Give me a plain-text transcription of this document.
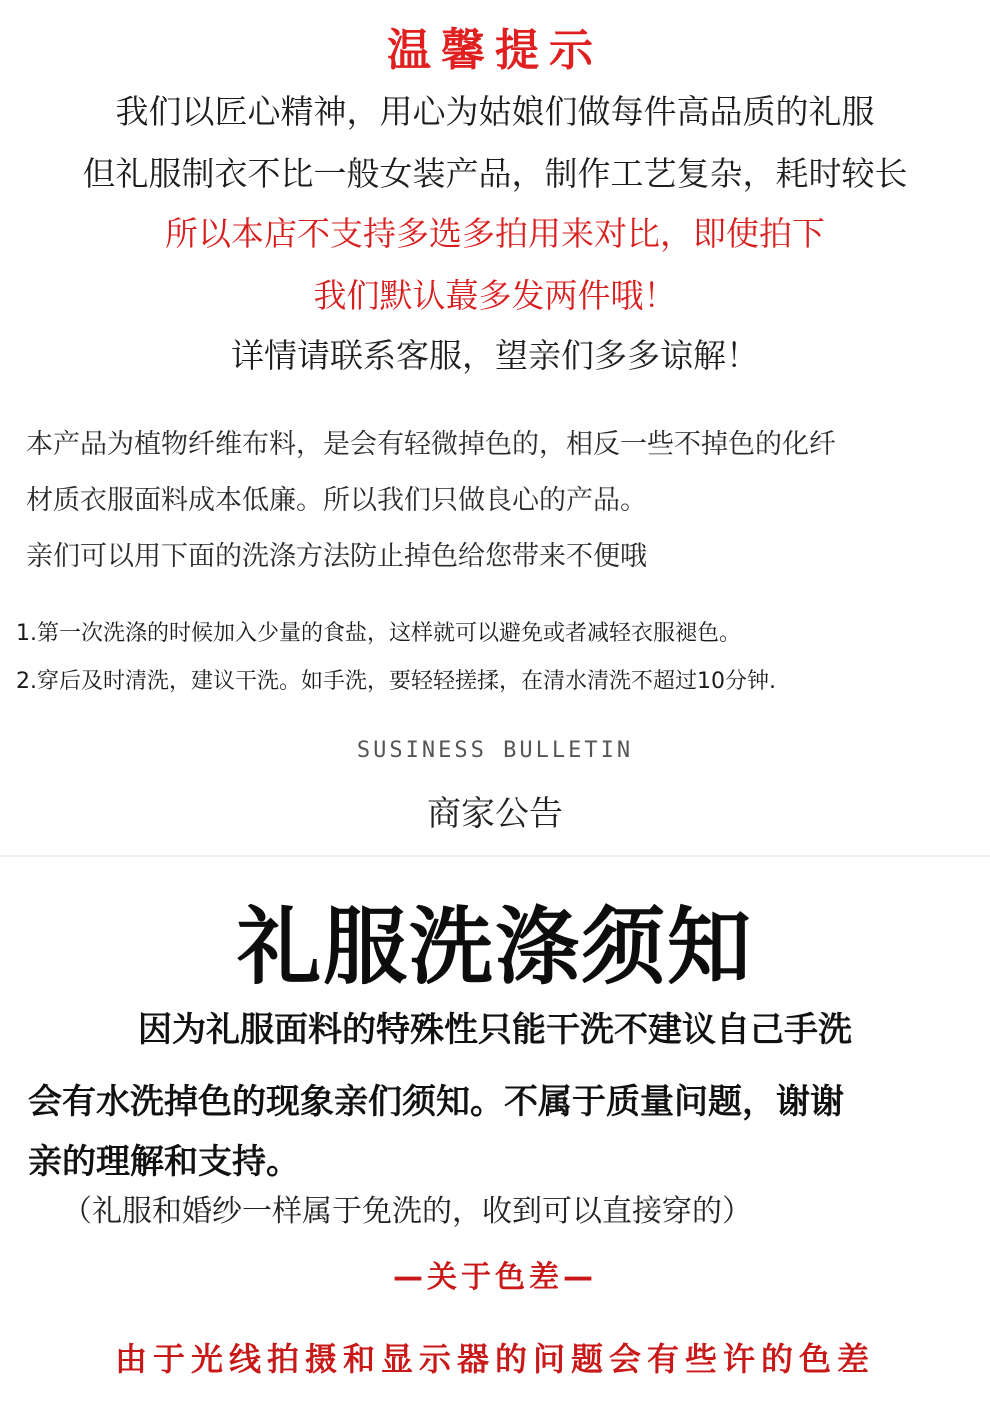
温馨提示

我们以匠心精神，用心为姑娘们做每件高品质的礼服

但礼服制衣不比一般女装产品，制作工艺复杂，耗时较长

所以本店不支持多选多拍用来对比，即使拍下

我们默认蕞多发两件哦！

详情请联系客服，望亲们多多谅解！

本产品为植物纤维布料，是会有轻微掉色的，相反一些不掉色的化纤

材质衣服面料成本低廉。所以我们只做良心的产品。

亲们可以用下面的洗涤方法防止掉色给您带来不便哦

1.第一次洗涤的时候加入少量的食盐，这样就可以避免或者减轻衣服褪色。

2.穿后及时清洗，建议干洗。如手洗，要轻轻搓揉，在清水清洗不超过10分钟.

SUSINESS BULLETIN

商家公告

礼服洗涤须知

因为礼服面料的特殊性只能干洗不建议自己手洗

会有水洗掉色的现象亲们须知。不属于质量问题，谢谢

亲的理解和支持。

（礼服和婚纱一样属于免洗的，收到可以直接穿的）

—关于色差—

由于光线拍摄和显示器的问题会有些许的色差
